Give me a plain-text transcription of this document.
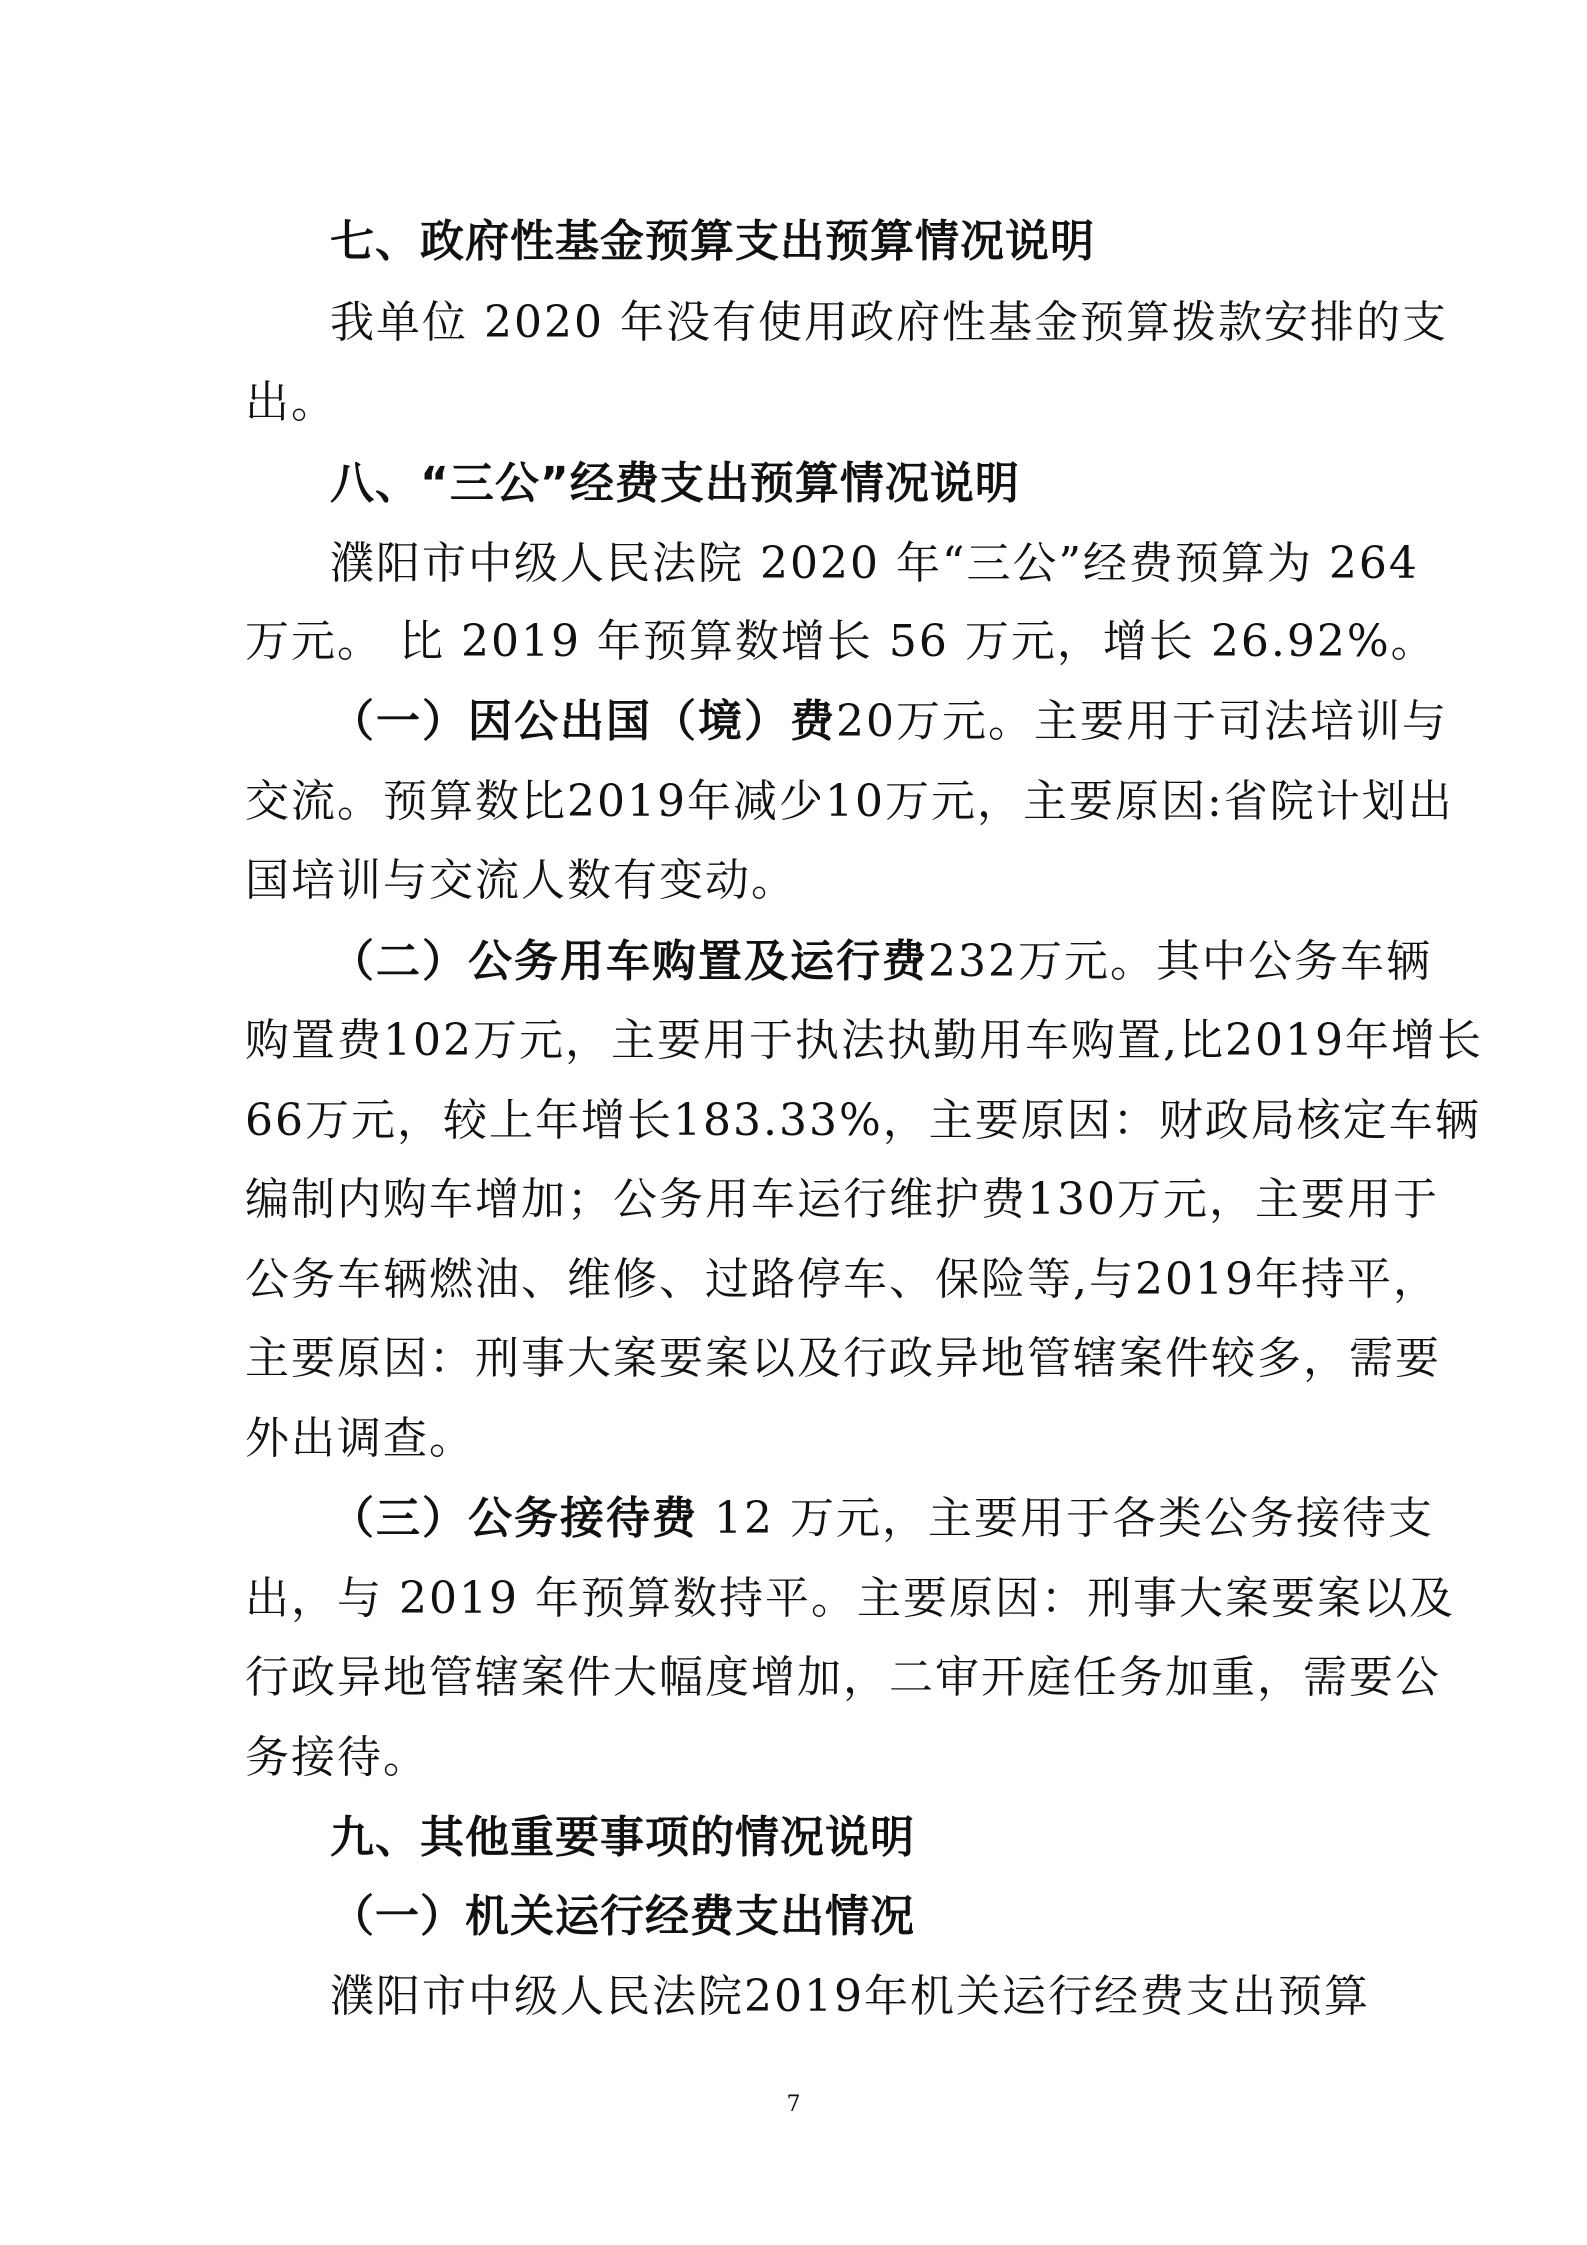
七、政府性基金预算支出预算情况说明
我单位 2020 年没有使用政府性基金预算拨款安排的支
出。
八、“三公”经费支出预算情况说明
濮阳市中级人民法院 2020 年“三公”经费预算为 264
万元。 比 2019 年预算数增长 56 万元，增长 26.92%。
（一）因公出国（境）费20万元。主要用于司法培训与
交流。预算数比2019年减少10万元，主要原因:省院计划出
国培训与交流人数有变动。
（二）公务用车购置及运行费232万元。其中公务车辆
购置费102万元，主要用于执法执勤用车购置,比2019年增长
66万元，较上年增长183.33%，主要原因：财政局核定车辆
编制内购车增加；公务用车运行维护费130万元，主要用于
公务车辆燃油、维修、过路停车、保险等,与2019年持平，
主要原因：刑事大案要案以及行政异地管辖案件较多，需要
外出调查。
（三）公务接待费 12 万元，主要用于各类公务接待支
出，与 2019 年预算数持平。主要原因：刑事大案要案以及
行政异地管辖案件大幅度增加，二审开庭任务加重，需要公
务接待。
九、其他重要事项的情况说明
（一）机关运行经费支出情况
濮阳市中级人民法院2019年机关运行经费支出预算
7
